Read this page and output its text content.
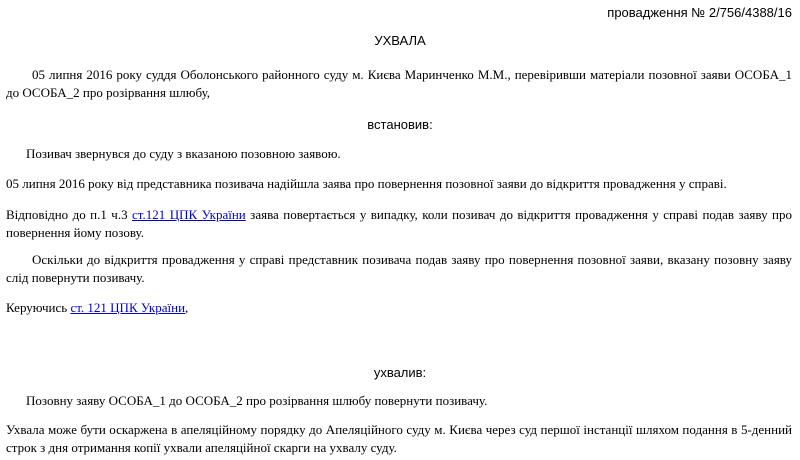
провадження № 2/756/4388/16
УХВАЛА
05 липня 2016 року суддя Оболонського районного суду м. Києва Маринченко М.М., перевіривши матеріали позовної заяви ОСОБА_1 до ОСОБА_2 про розірвання шлюбу,
встановив:
Позивач звернувся до суду з вказаною позовною заявою.
05 липня 2016 року від представника позивача надійшла заява про повернення позовної заяви до відкриття провадження у справі.
Відповідно до п.1 ч.3 ст.121 ЦПК України заява повертається у випадку, коли позивач до відкриття провадження у справі подав заяву про повернення йому позову.
Оскільки до відкриття провадження у справі представник позивача подав заяву про повернення позовної заяви, вказану позовну заяву слід повернути позивачу.
Керуючись ст. 121 ЦПК України,
ухвалив:
Позовну заяву ОСОБА_1 до ОСОБА_2 про розірвання шлюбу повернути позивачу.
Ухвала може бути оскаржена в апеляційному порядку до Апеляційного суду м. Києва через суд першої інстанції шляхом подання в 5-денний строк з дня отримання копії ухвали апеляційної скарги на ухвалу суду.
